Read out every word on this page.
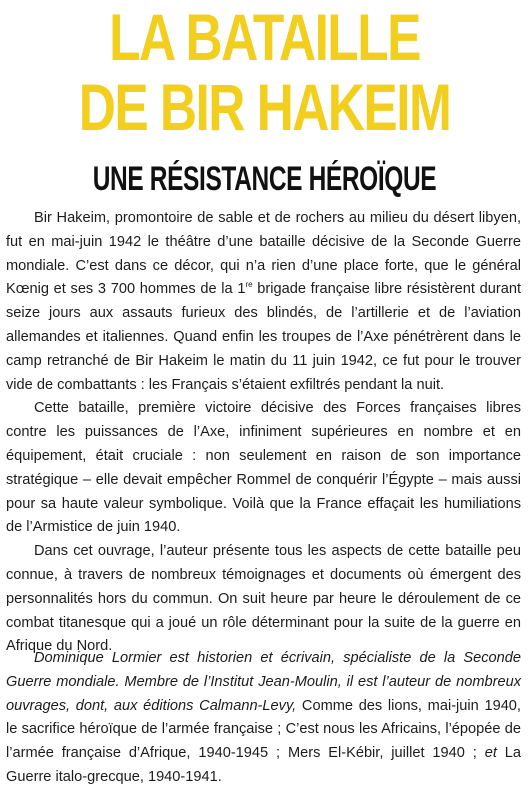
LA BATAILLE
DE BIR HAKEIM
UNE RÉSISTANCE HÉROÏQUE

Bir Hakeim, promontoire de sable et de rochers au milieu du désert libyen, fut en mai-juin 1942 le théâtre d’une bataille décisive de la Seconde Guerre mondiale. C’est dans ce décor, qui n’a rien d’une place forte, que le général Kœnig et ses 3 700 hommes de la 1re brigade française libre résistèrent durant seize jours aux assauts furieux des blindés, de l’artillerie et de l’aviation allemandes et italiennes. Quand enfin les troupes de l’Axe pénétrèrent dans le camp retranché de Bir Hakeim le matin du 11 juin 1942, ce fut pour le trouver vide de combattants : les Français s’étaient exfiltrés pendant la nuit.

Cette bataille, première victoire décisive des Forces françaises libres contre les puissances de l’Axe, infiniment supérieures en nombre et en équipement, était cruciale : non seulement en raison de son importance stratégique – elle devait empêcher Rommel de conquérir l’Égypte – mais aussi pour sa haute valeur symbolique. Voilà que la France effaçait les humiliations de l’Armistice de juin 1940.

Dans cet ouvrage, l’auteur présente tous les aspects de cette bataille peu connue, à travers de nombreux témoignages et documents où émergent des personnalités hors du commun. On suit heure par heure le déroulement de ce combat titanesque qui a joué un rôle déterminant pour la suite de la guerre en Afrique du Nord.

Dominique Lormier est historien et écrivain, spécialiste de la Seconde Guerre mondiale. Membre de l’Institut Jean-Moulin, il est l’auteur de nombreux ouvrages, dont, aux éditions Calmann-Levy, Comme des lions, mai-juin 1940, le sacrifice héroïque de l’armée française ; C’est nous les Africains, l’épopée de l’armée française d’Afrique, 1940-1945 ; Mers El-Kébir, juillet 1940 ; et La Guerre italo-grecque, 1940-1941.
